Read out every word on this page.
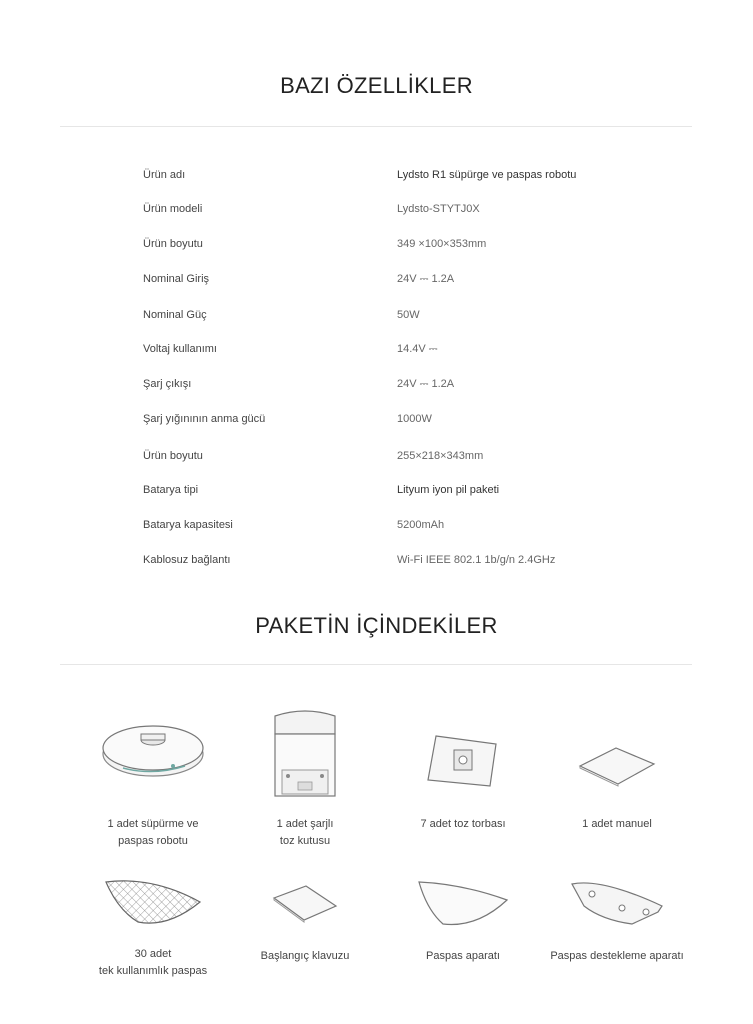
BAZI ÖZELLİKLER
Ürün adı	Lydsto R1 süpürge ve paspas robotu
Ürün modeli	Lydsto-STYTJ0X
Ürün boyutu	349 ×100×353mm
Nominal Giriş	24V ⎓ 1.2A
Nominal Güç	50W
Voltaj kullanımı	14.4V ⎓
Şarj çıkışı	24V ⎓ 1.2A
Şarj yığınının anma gücü	1000W
Ürün boyutu	255×218×343mm
Batarya tipi	Lityum iyon pil paketi
Batarya kapasitesi	5200mAh
Kablosuz bağlantı	Wi-Fi IEEE 802.1 1b/g/n 2.4GHz
PAKETİN İÇİNDEKİLER
1 adet süpürme ve
paspas robotu
1 adet şarjlı
toz kutusu
7 adet toz torbası	1 adet manuel
30 adet
tek kullanımlık paspas
Başlangıç klavuzu	Paspas aparatı	Paspas destekleme aparatı
